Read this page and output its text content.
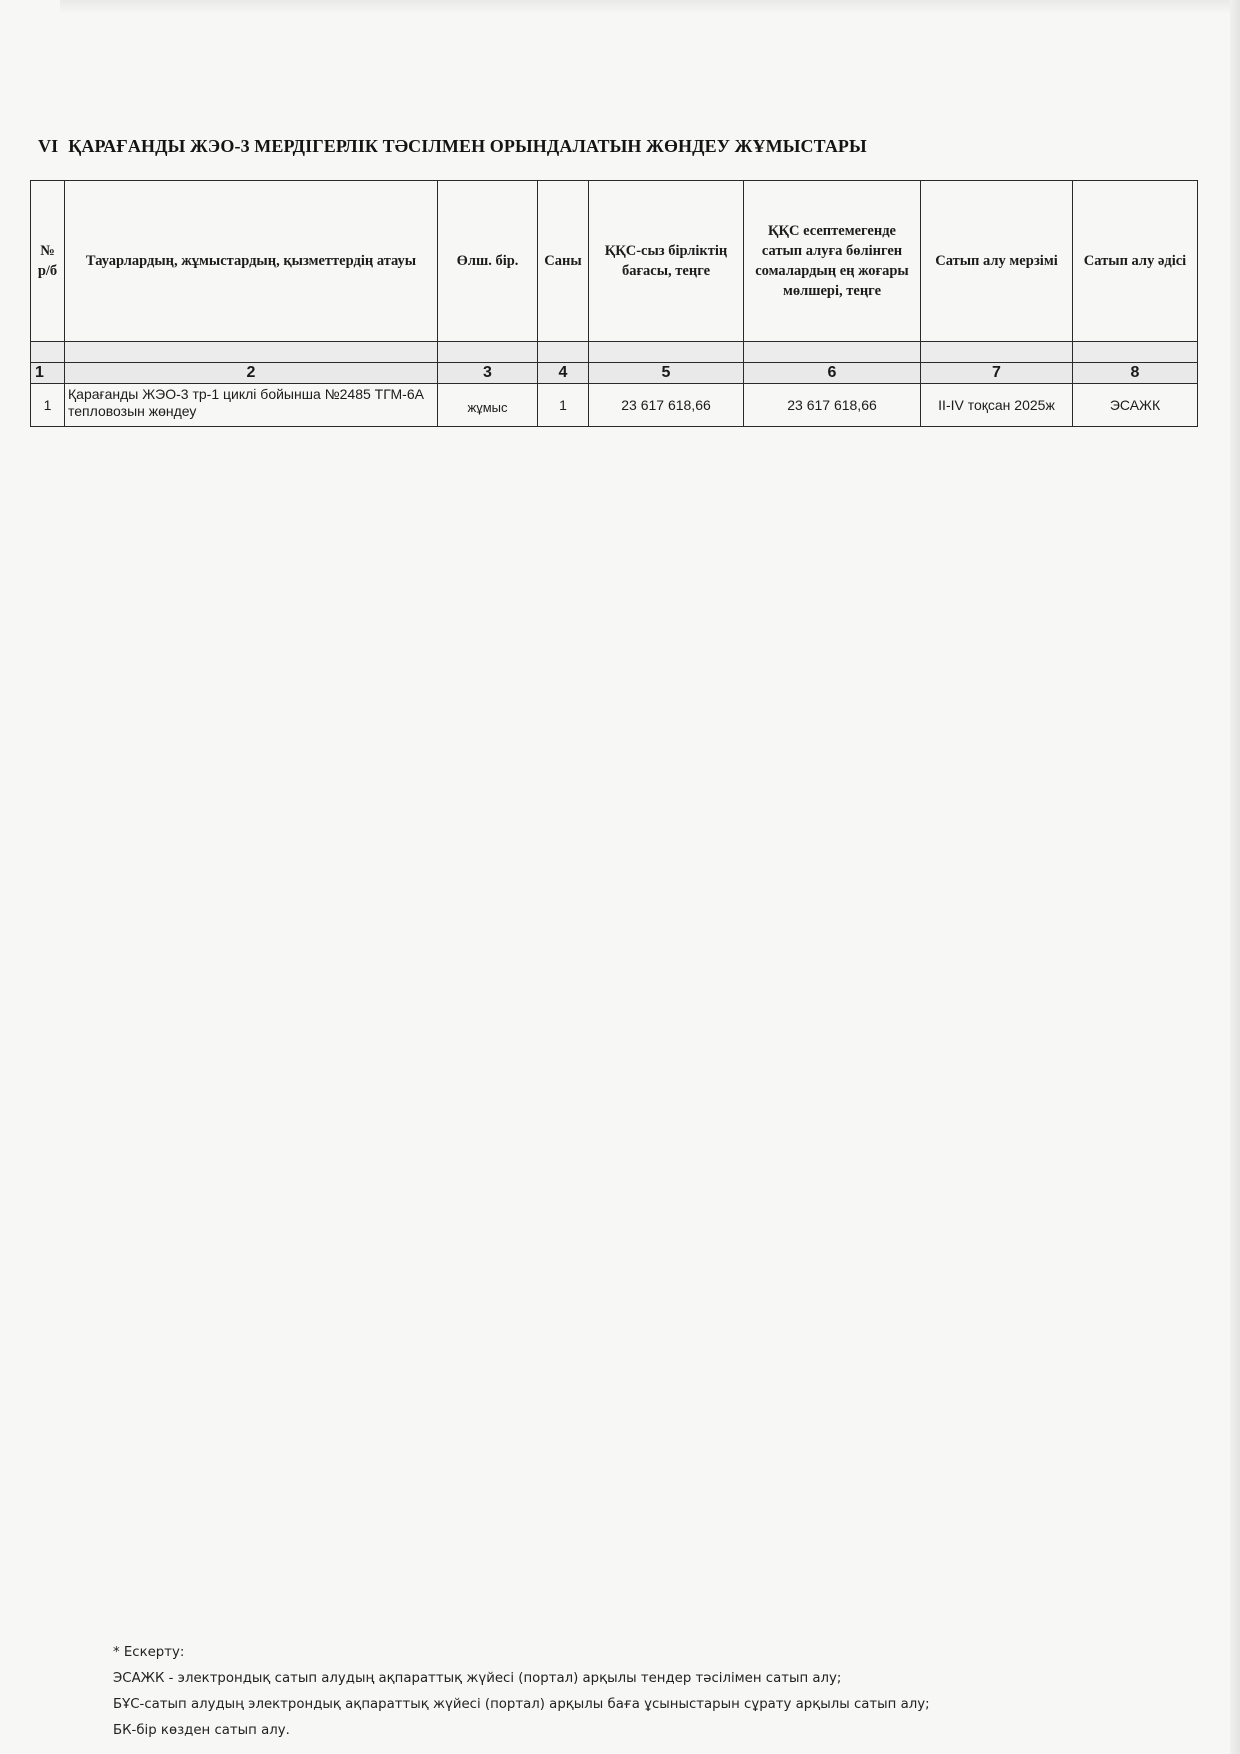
VI ҚАРАҒАНДЫ ЖЭО-3 МЕРДІГЕРЛІК ТӘСІЛМЕН ОРЫНДАЛАТЫН ЖӨНДЕУ ЖҰМЫСТАРЫ
№ р/б	Тауарлардың, жұмыстардың, қызметтердің атауы	Өлш. бір.	Саны	ҚҚС-сыз бірліктің бағасы, теңге	ҚҚС есептемегенде сатып алуға бөлінген сомалардың ең жоғары мөлшері, теңге	Сатып алу мерзімі	Сатып алу әдісі

1	2	3	4	5	6	7	8
1	Қарағанды ЖЭО-3 тр-1 циклі бойынша №2485 ТГМ-6А тепловозын жөндеу	жұмыс	1	23 617 618,66	23 617 618,66	II-IV тоқсан 2025ж	ЭСАЖК
* Ескерту:
ЭСАЖК - электрондық сатып алудың ақпараттық жүйесі (портал) арқылы тендер тәсілімен сатып алу;
БҰС-сатып алудың электрондық ақпараттық жүйесі (портал) арқылы баға ұсыныстарын сұрату арқылы сатып алу;
БК-бір көзден сатып алу.
